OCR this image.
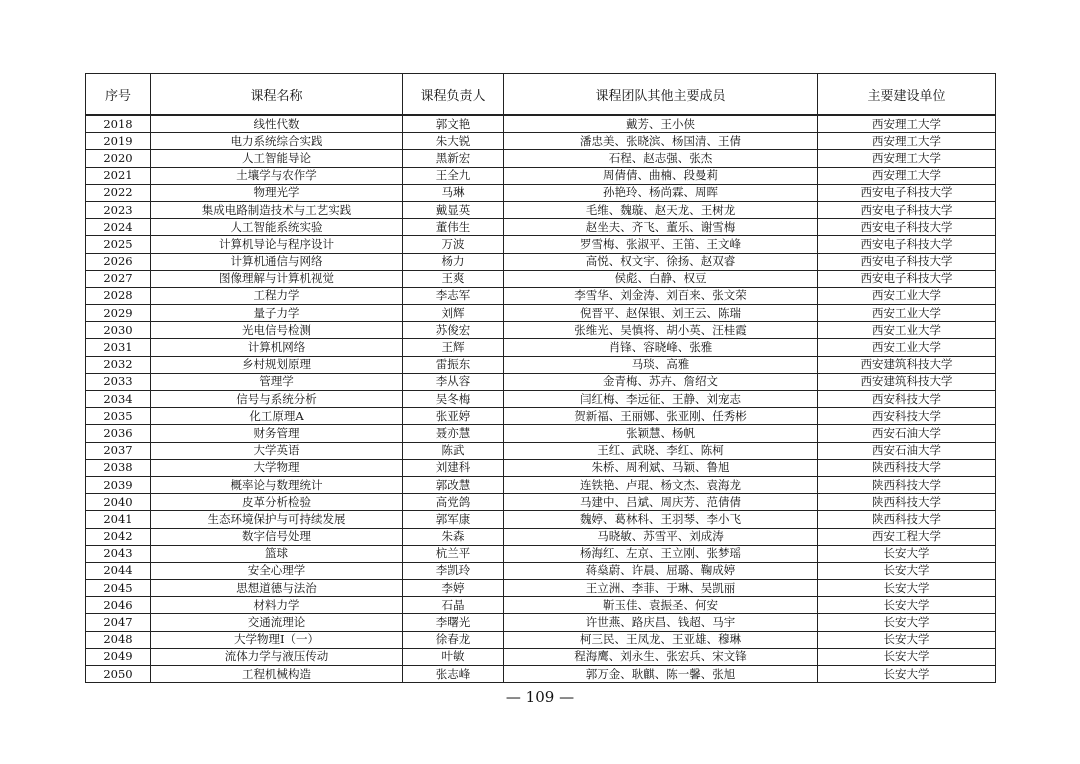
序号	课程名称	课程负责人	课程团队其他主要成员	主要建设单位
2018	线性代数	郭文艳	戴芳、王小侠	西安理工大学
2019	电力系统综合实践	朱大锐	潘忠美、张晓滨、杨国清、王倩	西安理工大学
2020	人工智能导论	黑新宏	石程、赵志强、张杰	西安理工大学
2021	土壤学与农作学	王全九	周倩倩、曲楠、段曼莉	西安理工大学
2022	物理光学	马琳	孙艳玲、杨尚霖、周晖	西安电子科技大学
2023	集成电路制造技术与工艺实践	戴显英	毛维、魏璇、赵天龙、王树龙	西安电子科技大学
2024	人工智能系统实验	董伟生	赵坐夫、齐飞、董乐、谢雪梅	西安电子科技大学
2025	计算机导论与程序设计	万波	罗雪梅、张淑平、王笛、王文峰	西安电子科技大学
2026	计算机通信与网络	杨力	高悦、权文宇、徐扬、赵双睿	西安电子科技大学
2027	图像理解与计算机视觉	王爽	侯彪、白静、权豆	西安电子科技大学
2028	工程力学	李志军	李雪华、刘金涛、刘百来、张文荣	西安工业大学
2029	量子力学	刘辉	倪晋平、赵保银、刘王云、陈瑞	西安工业大学
2030	光电信号检测	苏俊宏	张维光、吴慎将、胡小英、汪桂霞	西安工业大学
2031	计算机网络	王辉	肖锋、容晓峰、张雅	西安工业大学
2032	乡村规划原理	雷振东	马琰、高雅	西安建筑科技大学
2033	管理学	李从容	金青梅、苏卉、詹绍文	西安建筑科技大学
2034	信号与系统分析	吴冬梅	闫红梅、李远征、王静、刘宠志	西安科技大学
2035	化工原理A	张亚婷	贺新福、王丽娜、张亚刚、任秀彬	西安科技大学
2036	财务管理	聂亦慧	张颖慧、杨帆	西安石油大学
2037	大学英语	陈武	王红、武晓、李红、陈柯	西安石油大学
2038	大学物理	刘建科	朱桥、周利斌、马颖、鲁旭	陕西科技大学
2039	概率论与数理统计	郭改慧	连铁艳、卢琨、杨文杰、袁海龙	陕西科技大学
2040	皮革分析检验	高党鸽	马建中、吕斌、周庆芳、范倩倩	陕西科技大学
2041	生态环境保护与可持续发展	郭军康	魏婷、葛林科、王羽琴、李小飞	陕西科技大学
2042	数字信号处理	朱森	马晓敏、苏雪平、刘成涛	西安工程大学
2043	篮球	杭兰平	杨海红、左京、王立刚、张梦瑶	长安大学
2044	安全心理学	李凯玲	蒋燊蔚、许晨、屈璐、鞠成婷	长安大学
2045	思想道德与法治	李婷	王立洲、李菲、于琳、吴凯丽	长安大学
2046	材料力学	石晶	靳玉佳、袁振圣、何安	长安大学
2047	交通流理论	李曙光	许世燕、路庆昌、钱超、马宇	长安大学
2048	大学物理Ⅰ（一）	徐春龙	柯三民、王凤龙、王亚雄、穆琳	长安大学
2049	流体力学与液压传动	叶敏	程海鹰、刘永生、张宏兵、宋文锋	长安大学
2050	工程机械构造	张志峰	郭万金、耿麒、陈一馨、张旭	长安大学
— 109 —
